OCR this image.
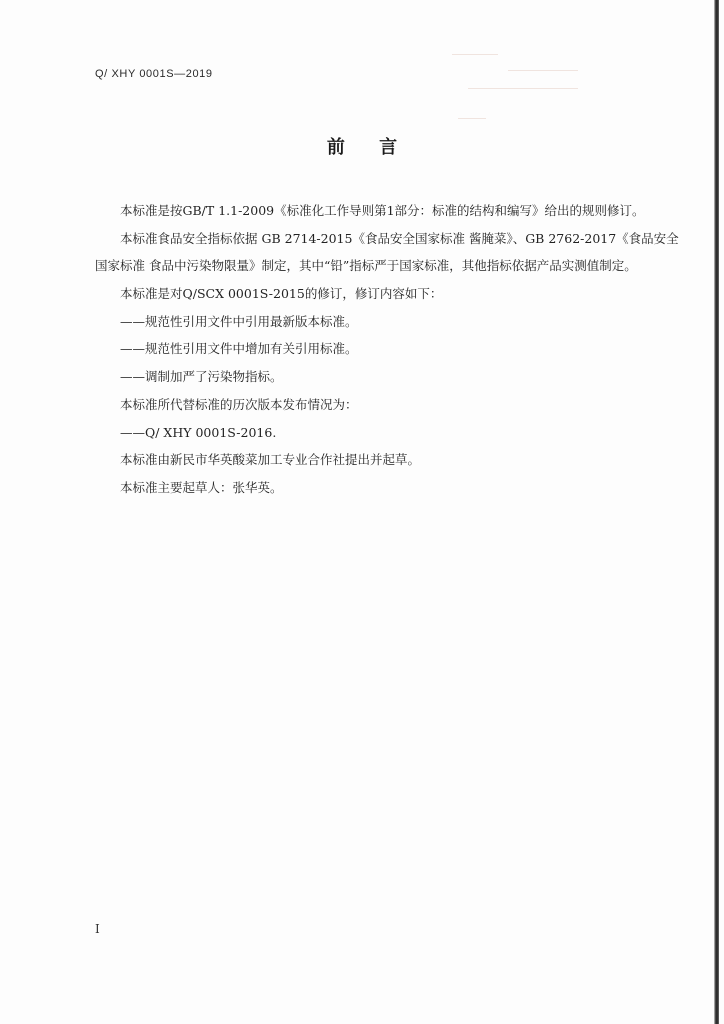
Q/ XHY 0001S—2019
前 言
本标准是按GB/T 1.1-2009《标准化工作导则第1部分：标准的结构和编写》给出的规则修订。
本标准食品安全指标依据 GB 2714-2015《食品安全国家标准 酱腌菜》、GB 2762-2017《食品安全
国家标准 食品中污染物限量》制定，其中“铅”指标严于国家标准，其他指标依据产品实测值制定。
本标准是对Q/SCX 0001S-2015的修订，修订内容如下：
——规范性引用文件中引用最新版本标准。
——规范性引用文件中增加有关引用标准。
——调制加严了污染物指标。
本标准所代替标准的历次版本发布情况为：
——Q/ XHY 0001S-2016.
本标准由新民市华英酸菜加工专业合作社提出并起草。
本标准主要起草人：张华英。
I
